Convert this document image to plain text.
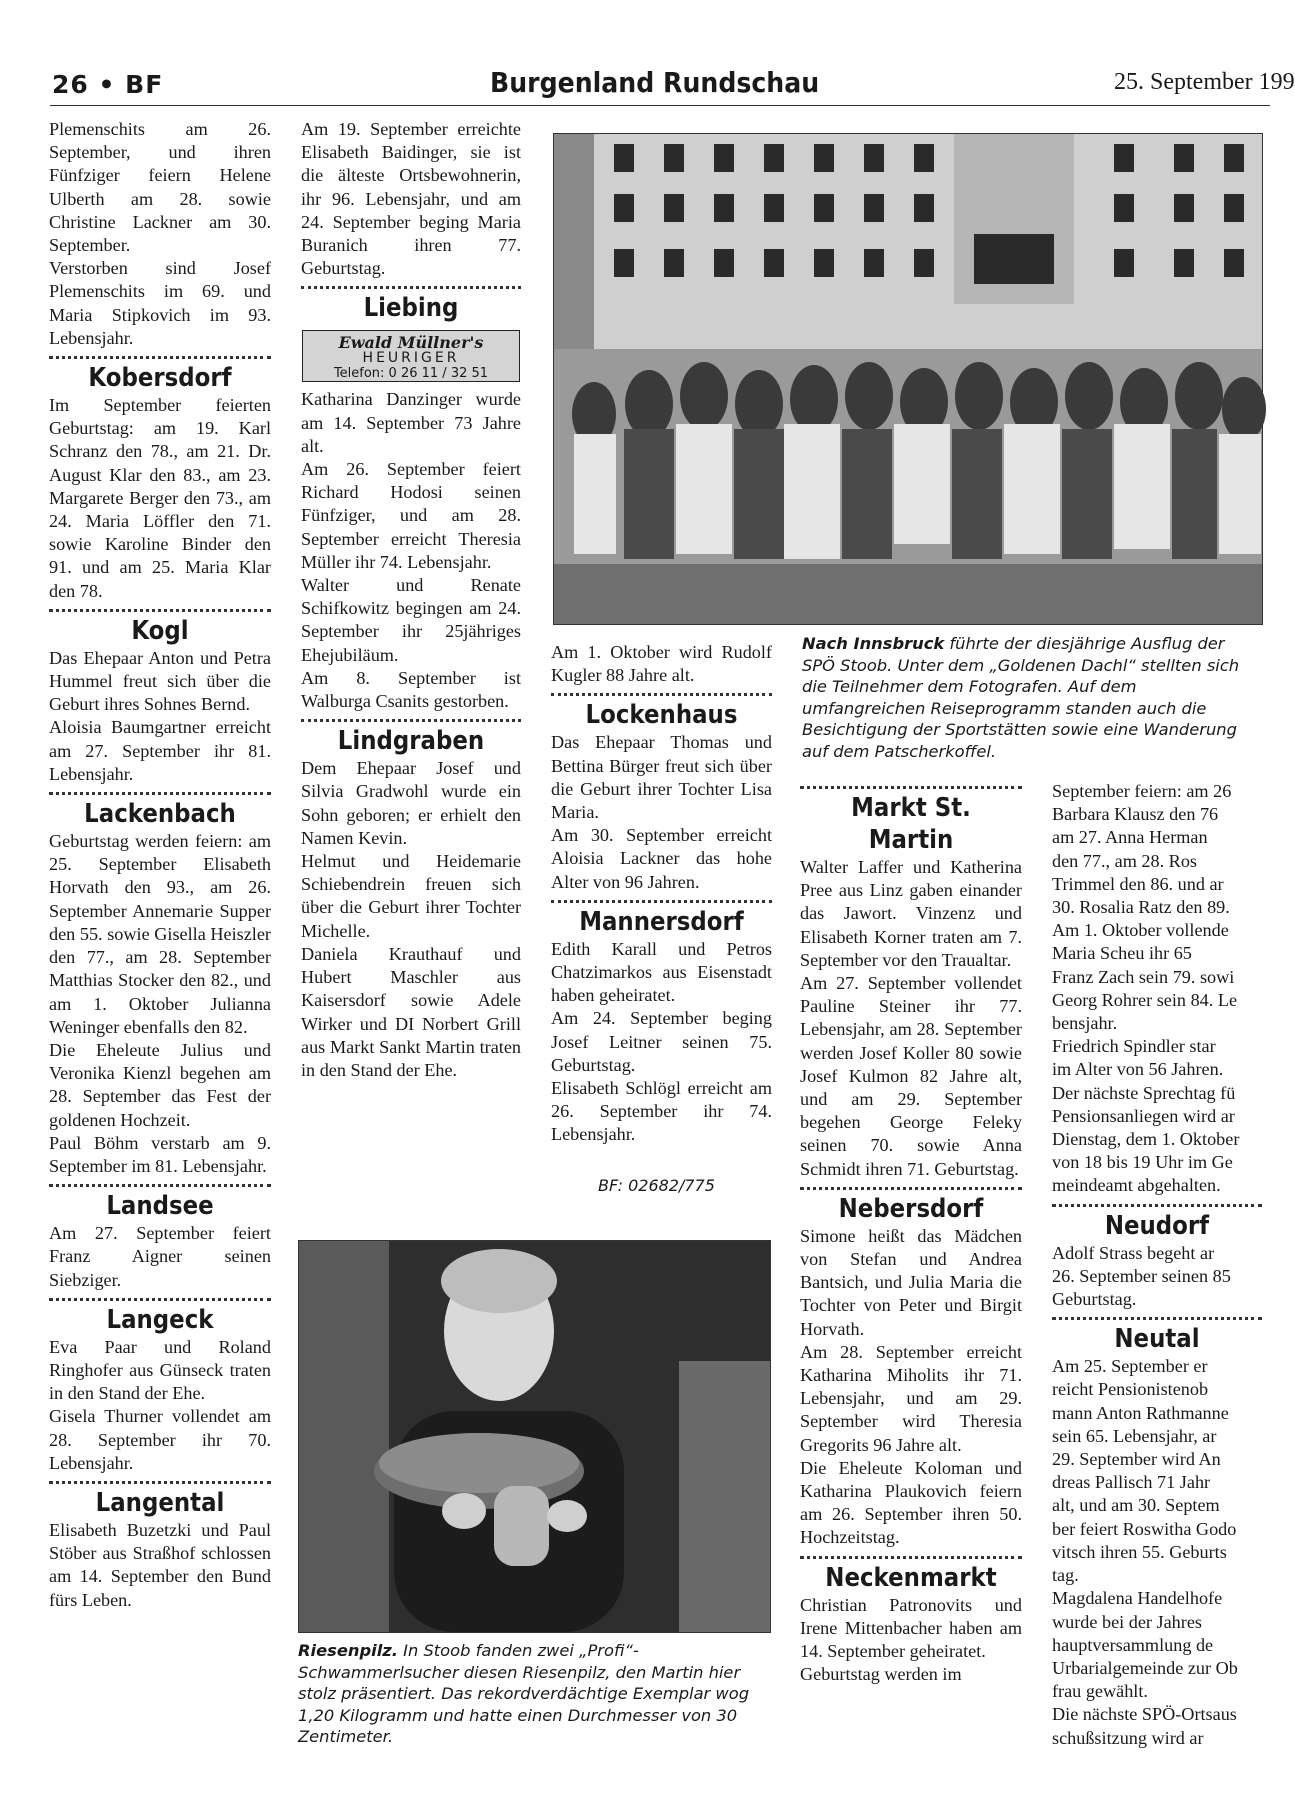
26 • BF	Burgenland Rundschau	25. September 199

Plemenschits am 26. September, und ihren Fünfziger feiern Helene Ulberth am 28. sowie Christine Lackner am 30. September.

Verstorben sind Josef Plemenschits im 69. und Maria Stipkovich im 93. Lebensjahr.

Kobersdorf

Im September feierten Geburtstag: am 19. Karl Schranz den 78., am 21. Dr. August Klar den 83., am 23. Margarete Berger den 73., am 24. Maria Löffler den 71. sowie Karoline Binder den 91. und am 25. Maria Klar den 78.

Kogl

Das Ehepaar Anton und Petra Hummel freut sich über die Geburt ihres Sohnes Bernd.

Aloisia Baumgartner erreicht am 27. September ihr 81. Lebensjahr.

Lackenbach

Geburtstag werden feiern: am 25. September Elisabeth Horvath den 93., am 26. September Annemarie Supper den 55. sowie Gisella Heiszler den 77., am 28. September Matthias Stocker den 82., und am 1. Oktober Julianna Weninger ebenfalls den 82.

Die Eheleute Julius und Veronika Kienzl begehen am 28. September das Fest der goldenen Hochzeit.

Paul Böhm verstarb am 9. September im 81. Lebensjahr.

Landsee

Am 27. September feiert Franz Aigner seinen Siebziger.

Langeck

Eva Paar und Roland Ringhofer aus Günseck traten in den Stand der Ehe.

Gisela Thurner vollendet am 28. September ihr 70. Lebensjahr.

Langental

Elisabeth Buzetzki und Paul Stöber aus Straßhof schlossen am 14. September den Bund fürs Leben.

Am 19. September erreichte Elisabeth Baidinger, sie ist die älteste Ortsbewohnerin, ihr 96. Lebensjahr, und am 24. September beging Maria Buranich ihren 77. Geburtstag.

Liebing
Ewald Müllner's
HEURIGER
Telefon: 0 26 11 / 32 51

Katharina Danzinger wurde am 14. September 73 Jahre alt.

Am 26. September feiert Richard Hodosi seinen Fünfziger, und am 28. September erreicht Theresia Müller ihr 74. Lebensjahr.

Walter und Renate Schifkowitz begingen am 24. September ihr 25jähriges Ehejubiläum.

Am 8. September ist Walburga Csanits gestorben.

Lindgraben

Dem Ehepaar Josef und Silvia Gradwohl wurde ein Sohn geboren; er erhielt den Namen Kevin.

Helmut und Heidemarie Schiebendrein freuen sich über die Geburt ihrer Tochter Michelle.

Daniela Krauthauf und Hubert Maschler aus Kaisersdorf sowie Adele Wirker und DI Norbert Grill aus Markt Sankt Martin traten in den Stand der Ehe.

Nach Innsbruck führte der diesjährige Ausflug der SPÖ Stoob. Unter dem „Goldenen Dachl“ stellten sich die Teilnehmer dem Fotografen. Auf dem umfangreichen Reiseprogramm standen auch die Besichtigung der Sportstätten sowie eine Wanderung auf dem Patscherkoffel.

Am 1. Oktober wird Rudolf Kugler 88 Jahre alt.

Lockenhaus

Das Ehepaar Thomas und Bettina Bürger freut sich über die Geburt ihrer Tochter Lisa Maria.

Am 30. September erreicht Aloisia Lackner das hohe Alter von 96 Jahren.

Mannersdorf

Edith Karall und Petros Chatzimarkos aus Eisenstadt haben geheiratet.

Am 24. September beging Josef Leitner seinen 75. Geburtstag.

Elisabeth Schlögl erreicht am 26. September ihr 74. Lebensjahr.

BF: 02682/775
Riesenpilz. In Stoob fanden zwei „Profi“-Schwammerlsucher diesen Riesenpilz, den Martin hier stolz präsentiert. Das rekordverdächtige Exemplar wog 1,20 Kilogramm und hatte einen Durchmesser von 30 Zentimeter.
Markt St. Martin

Walter Laffer und Katherina Pree aus Linz gaben einander das Jawort. Vinzenz und Elisabeth Korner traten am 7. September vor den Traualtar.

Am 27. September vollendet Pauline Steiner ihr 77. Lebensjahr, am 28. September werden Josef Koller 80 sowie Josef Kulmon 82 Jahre alt, und am 29. September begehen George Feleky seinen 70. sowie Anna Schmidt ihren 71. Geburtstag.

Nebersdorf

Simone heißt das Mädchen von Stefan und Andrea Bantsich, und Julia Maria die Tochter von Peter und Birgit Horvath.

Am 28. September erreicht Katharina Miholits ihr 71. Lebensjahr, und am 29. September wird Theresia Gregorits 96 Jahre alt.

Die Eheleute Koloman und Katharina Plaukovich feiern am 26. September ihren 50. Hochzeitstag.

Neckenmarkt

Christian Patronovits und Irene Mittenbacher haben am 14. September geheiratet.

Geburtstag werden im

September feiern: am 26

Barbara Klausz den 76

am 27. Anna Herman

den 77., am 28. Ros

Trimmel den 86. und ar

30. Rosalia Ratz den 89.

Am 1. Oktober vollende

Maria Scheu ihr 65

Franz Zach sein 79. sowi

Georg Rohrer sein 84. Le

bensjahr.

Friedrich Spindler star

im Alter von 56 Jahren.

Der nächste Sprechtag fü

Pensionsanliegen wird ar

Dienstag, dem 1. Oktober

von 18 bis 19 Uhr im Ge

meindeamt abgehalten.

Neudorf

Adolf Strass begeht ar

26. September seinen 85

Geburtstag.

Neutal

Am 25. September er

reicht Pensionistenob

mann Anton Rathmanne

sein 65. Lebensjahr, ar

29. September wird An

dreas Pallisch 71 Jahr

alt, und am 30. Septem

ber feiert Roswitha Godo

vitsch ihren 55. Geburts

tag.

Magdalena Handelhofe

wurde bei der Jahres

hauptversammlung de

Urbarialgemeinde zur Ob

frau gewählt.

Die nächste SPÖ-Ortsaus

schußsitzung wird ar
